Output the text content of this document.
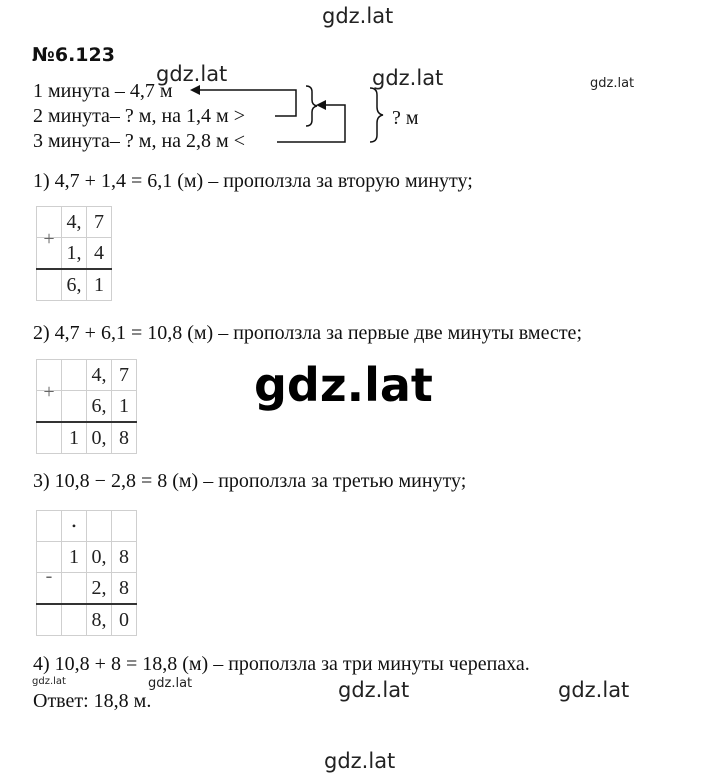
gdz.lat
gdz.lat	gdz.lat	gdz.lat
gdz.lat
gdz.lat	gdz.lat	gdz.lat	gdz.lat
gdz.lat
№6.123
1 минута – 4,7 м
2 минута– ? м, на 1,4 м >
3 минута– ? м, на 2,8 м <
? м
1) 4,7 + 1,4 = 6,1 (м) – проползла за вторую минуту;
	4,	7
+	1,	4
	6,	1
2) 4,7 + 6,1 = 10,8 (м) – проползла за первые две минуты вместе;
		4,	7
+		6,	1
	1	0,	8
3) 10,8 − 2,8 = 8 (м) – проползла за третью минуту;
	•		
	1	0,	8
-		2,	8
		8,	0
4) 10,8 + 8 = 18,8 (м) – проползла за три минуты черепаха.
Ответ: 18,8 м.
